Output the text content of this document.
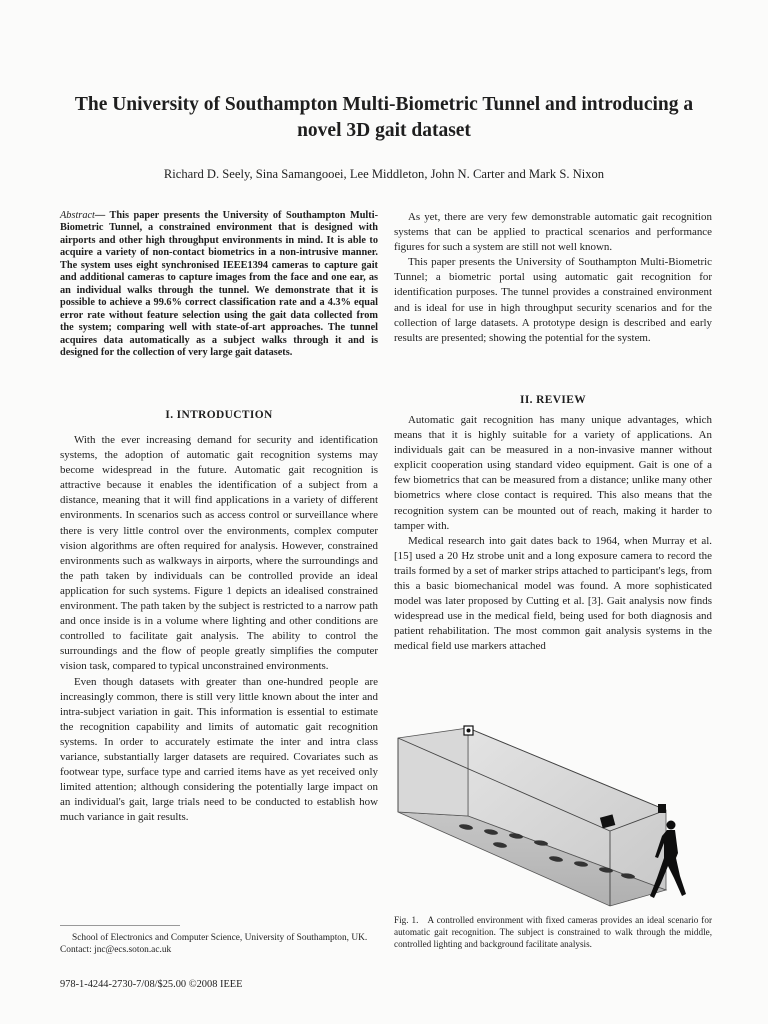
The University of Southampton Multi-Biometric Tunnel and introducing a novel 3D gait dataset
Richard D. Seely, Sina Samangooei, Lee Middleton, John N. Carter and Mark S. Nixon
Abstract— This paper presents the University of Southampton Multi-Biometric Tunnel, a constrained environment that is designed with airports and other high throughput environments in mind. It is able to acquire a variety of non-contact biometrics in a non-intrusive manner. The system uses eight synchronised IEEE1394 cameras to capture gait and additional cameras to capture images from the face and one ear, as an individual walks through the tunnel. We demonstrate that it is possible to achieve a 99.6% correct classification rate and a 4.3% equal error rate without feature selection using the gait data collected from the system; comparing well with state-of-art approaches. The tunnel acquires data automatically as a subject walks through it and is designed for the collection of very large gait datasets.
I. INTRODUCTION

With the ever increasing demand for security and identification systems, the adoption of automatic gait recognition systems may become widespread in the future. Automatic gait recognition is attractive because it enables the identification of a subject from a distance, meaning that it will find applications in a variety of different environments. In scenarios such as access control or surveillance where there is very little control over the environments, complex computer vision algorithms are often required for analysis. However, constrained environments such as walkways in airports, where the surroundings and the path taken by individuals can be controlled provide an ideal application for such systems. Figure 1 depicts an idealised constrained environment. The path taken by the subject is restricted to a narrow path and once inside is in a volume where lighting and other conditions are controlled to facilitate gait analysis. The ability to control the surroundings and the flow of people greatly simplifies the computer vision task, compared to typical unconstrained environments.

Even though datasets with greater than one-hundred people are increasingly common, there is still very little known about the inter and intra-subject variation in gait. This information is essential to estimate the recognition capability and limits of automatic gait recognition systems. In order to accurately estimate the inter and intra class variance, substantially larger datasets are required. Covariates such as footwear type, surface type and carried items have as yet received only limited attention; although considering the potentially large impact on an individual's gait, large trials need to be conducted to establish how much variance in gait results.

As yet, there are very few demonstrable automatic gait recognition systems that can be applied to practical scenarios and performance figures for such a system are still not well known.

This paper presents the University of Southampton Multi-Biometric Tunnel; a biometric portal using automatic gait recognition for identification purposes. The tunnel provides a constrained environment and is ideal for use in high throughput security scenarios and for the collection of large datasets. A prototype design is described and early results are presented; showing the potential for the system.

II. REVIEW

Automatic gait recognition has many unique advantages, which means that it is highly suitable for a variety of applications. An individuals gait can be measured in a non-invasive manner without explicit cooperation using standard video equipment. Gait is one of a few biometrics that can be measured from a distance; unlike many other biometrics where close contact is required. This also means that the recognition system can be mounted out of reach, making it harder to tamper with.

Medical research into gait dates back to 1964, when Murray et al. [15] used a 20 Hz strobe unit and a long exposure camera to record the trails formed by a set of marker strips attached to participant's legs, from this a basic biomechanical model was found. A more sophisticated model was later proposed by Cutting et al. [3]. Gait analysis now finds widespread use in the medical field, being used for both diagnosis and patient rehabilitation. The most common gait analysis systems in the medical field use markers attached

Fig. 1. A controlled environment with fixed cameras provides an ideal scenario for automatic gait recognition. The subject is constrained to walk through the middle, controlled lighting and background facilitate analysis.

School of Electronics and Computer Science, University of Southampton, UK. Contact: jnc@ecs.soton.ac.uk

978-1-4244-2730-7/08/$25.00 ©2008 IEEE
